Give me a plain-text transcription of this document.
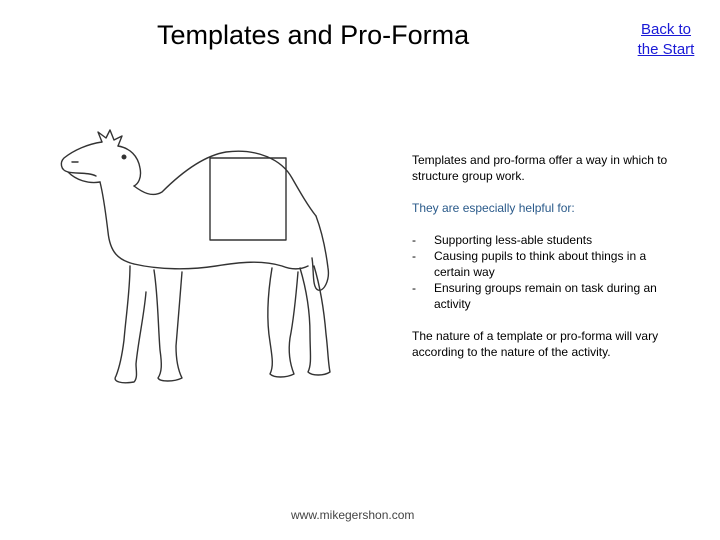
Templates and Pro-Forma	Back to the Start

Templates and pro-forma offer a way in which to structure group work.

They are especially helpful for:

- Supporting less-able students
- Causing pupils to think about things in a certain way
- Ensuring groups remain on task during an activity

The nature of a template or pro-forma will vary according to the nature of the activity.

www.mikegershon.com
